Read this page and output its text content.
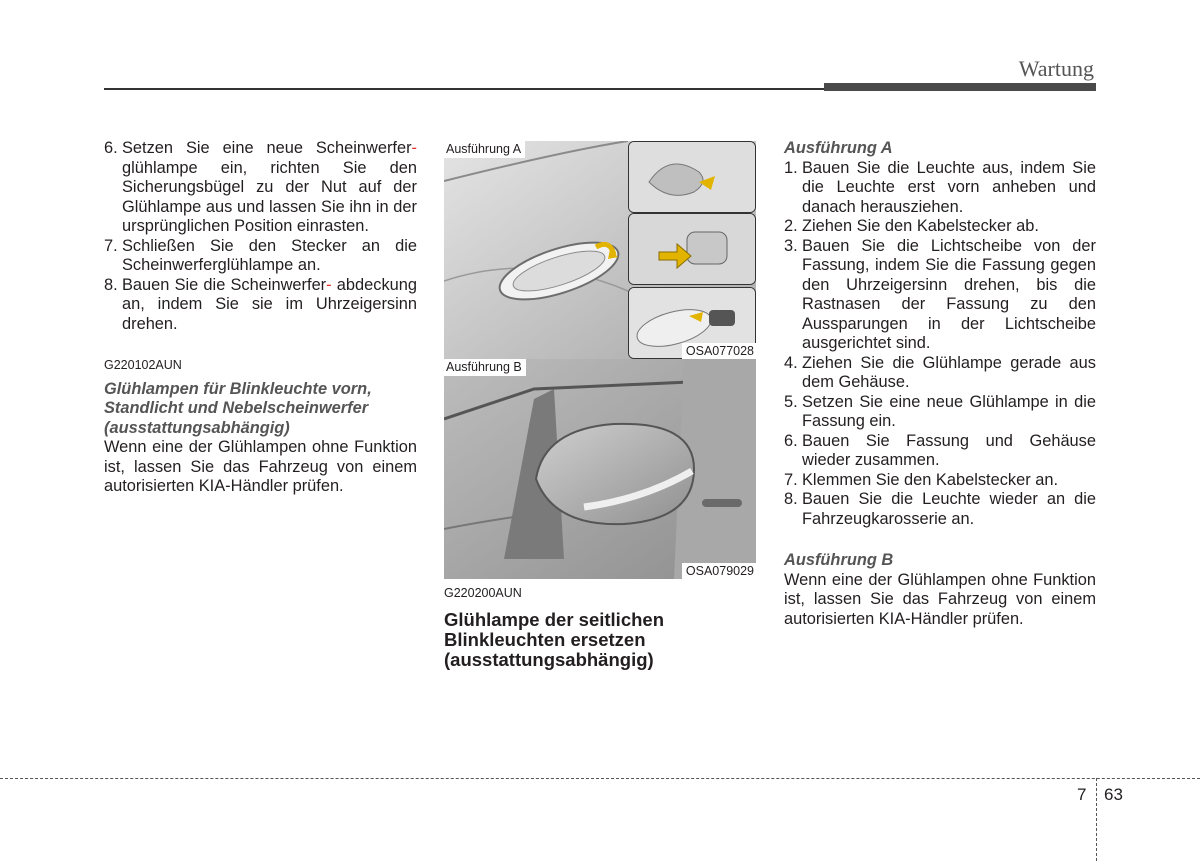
Wartung
6. Setzen Sie eine neue Scheinwerfer- glühlampe ein, richten Sie den Sicherungsbügel zu der Nut auf der Glühlampe aus und lassen Sie ihn in der ursprünglichen Position einrasten.
7. Schließen Sie den Stecker an die Scheinwerferglühlampe an.
8. Bauen Sie die Scheinwerfer- abdeckung an, indem Sie sie im Uhrzeigersinn drehen.
G220102AUN
Glühlampen für Blinkleuchte vorn, Standlicht und Nebelscheinwerfer (ausstattungsabhängig)
Wenn eine der Glühlampen ohne Funktion ist, lassen Sie das Fahrzeug von einem autorisierten KIA-Händler prüfen.
Ausführung A
OSA077028
Ausführung B
OSA079029
G220200AUN
Glühlampe der seitlichen Blinkleuchten ersetzen (ausstattungsabhängig)
Ausführung A
1. Bauen Sie die Leuchte aus, indem Sie die Leuchte erst vorn anheben und danach herausziehen.
2. Ziehen Sie den Kabelstecker ab.
3. Bauen Sie die Lichtscheibe von der Fassung, indem Sie die Fassung gegen den Uhrzeigersinn drehen, bis die Rastnasen der Fassung zu den Aussparungen in der Lichtscheibe ausgerichtet sind.
4. Ziehen Sie die Glühlampe gerade aus dem Gehäuse.
5. Setzen Sie eine neue Glühlampe in die Fassung ein.
6. Bauen Sie Fassung und Gehäuse wieder zusammen.
7. Klemmen Sie den Kabelstecker an.
8. Bauen Sie die Leuchte wieder an die Fahrzeugkarosserie an.
Ausführung B
Wenn eine der Glühlampen ohne Funktion ist, lassen Sie das Fahrzeug von einem autorisierten KIA-Händler prüfen.
7 63
